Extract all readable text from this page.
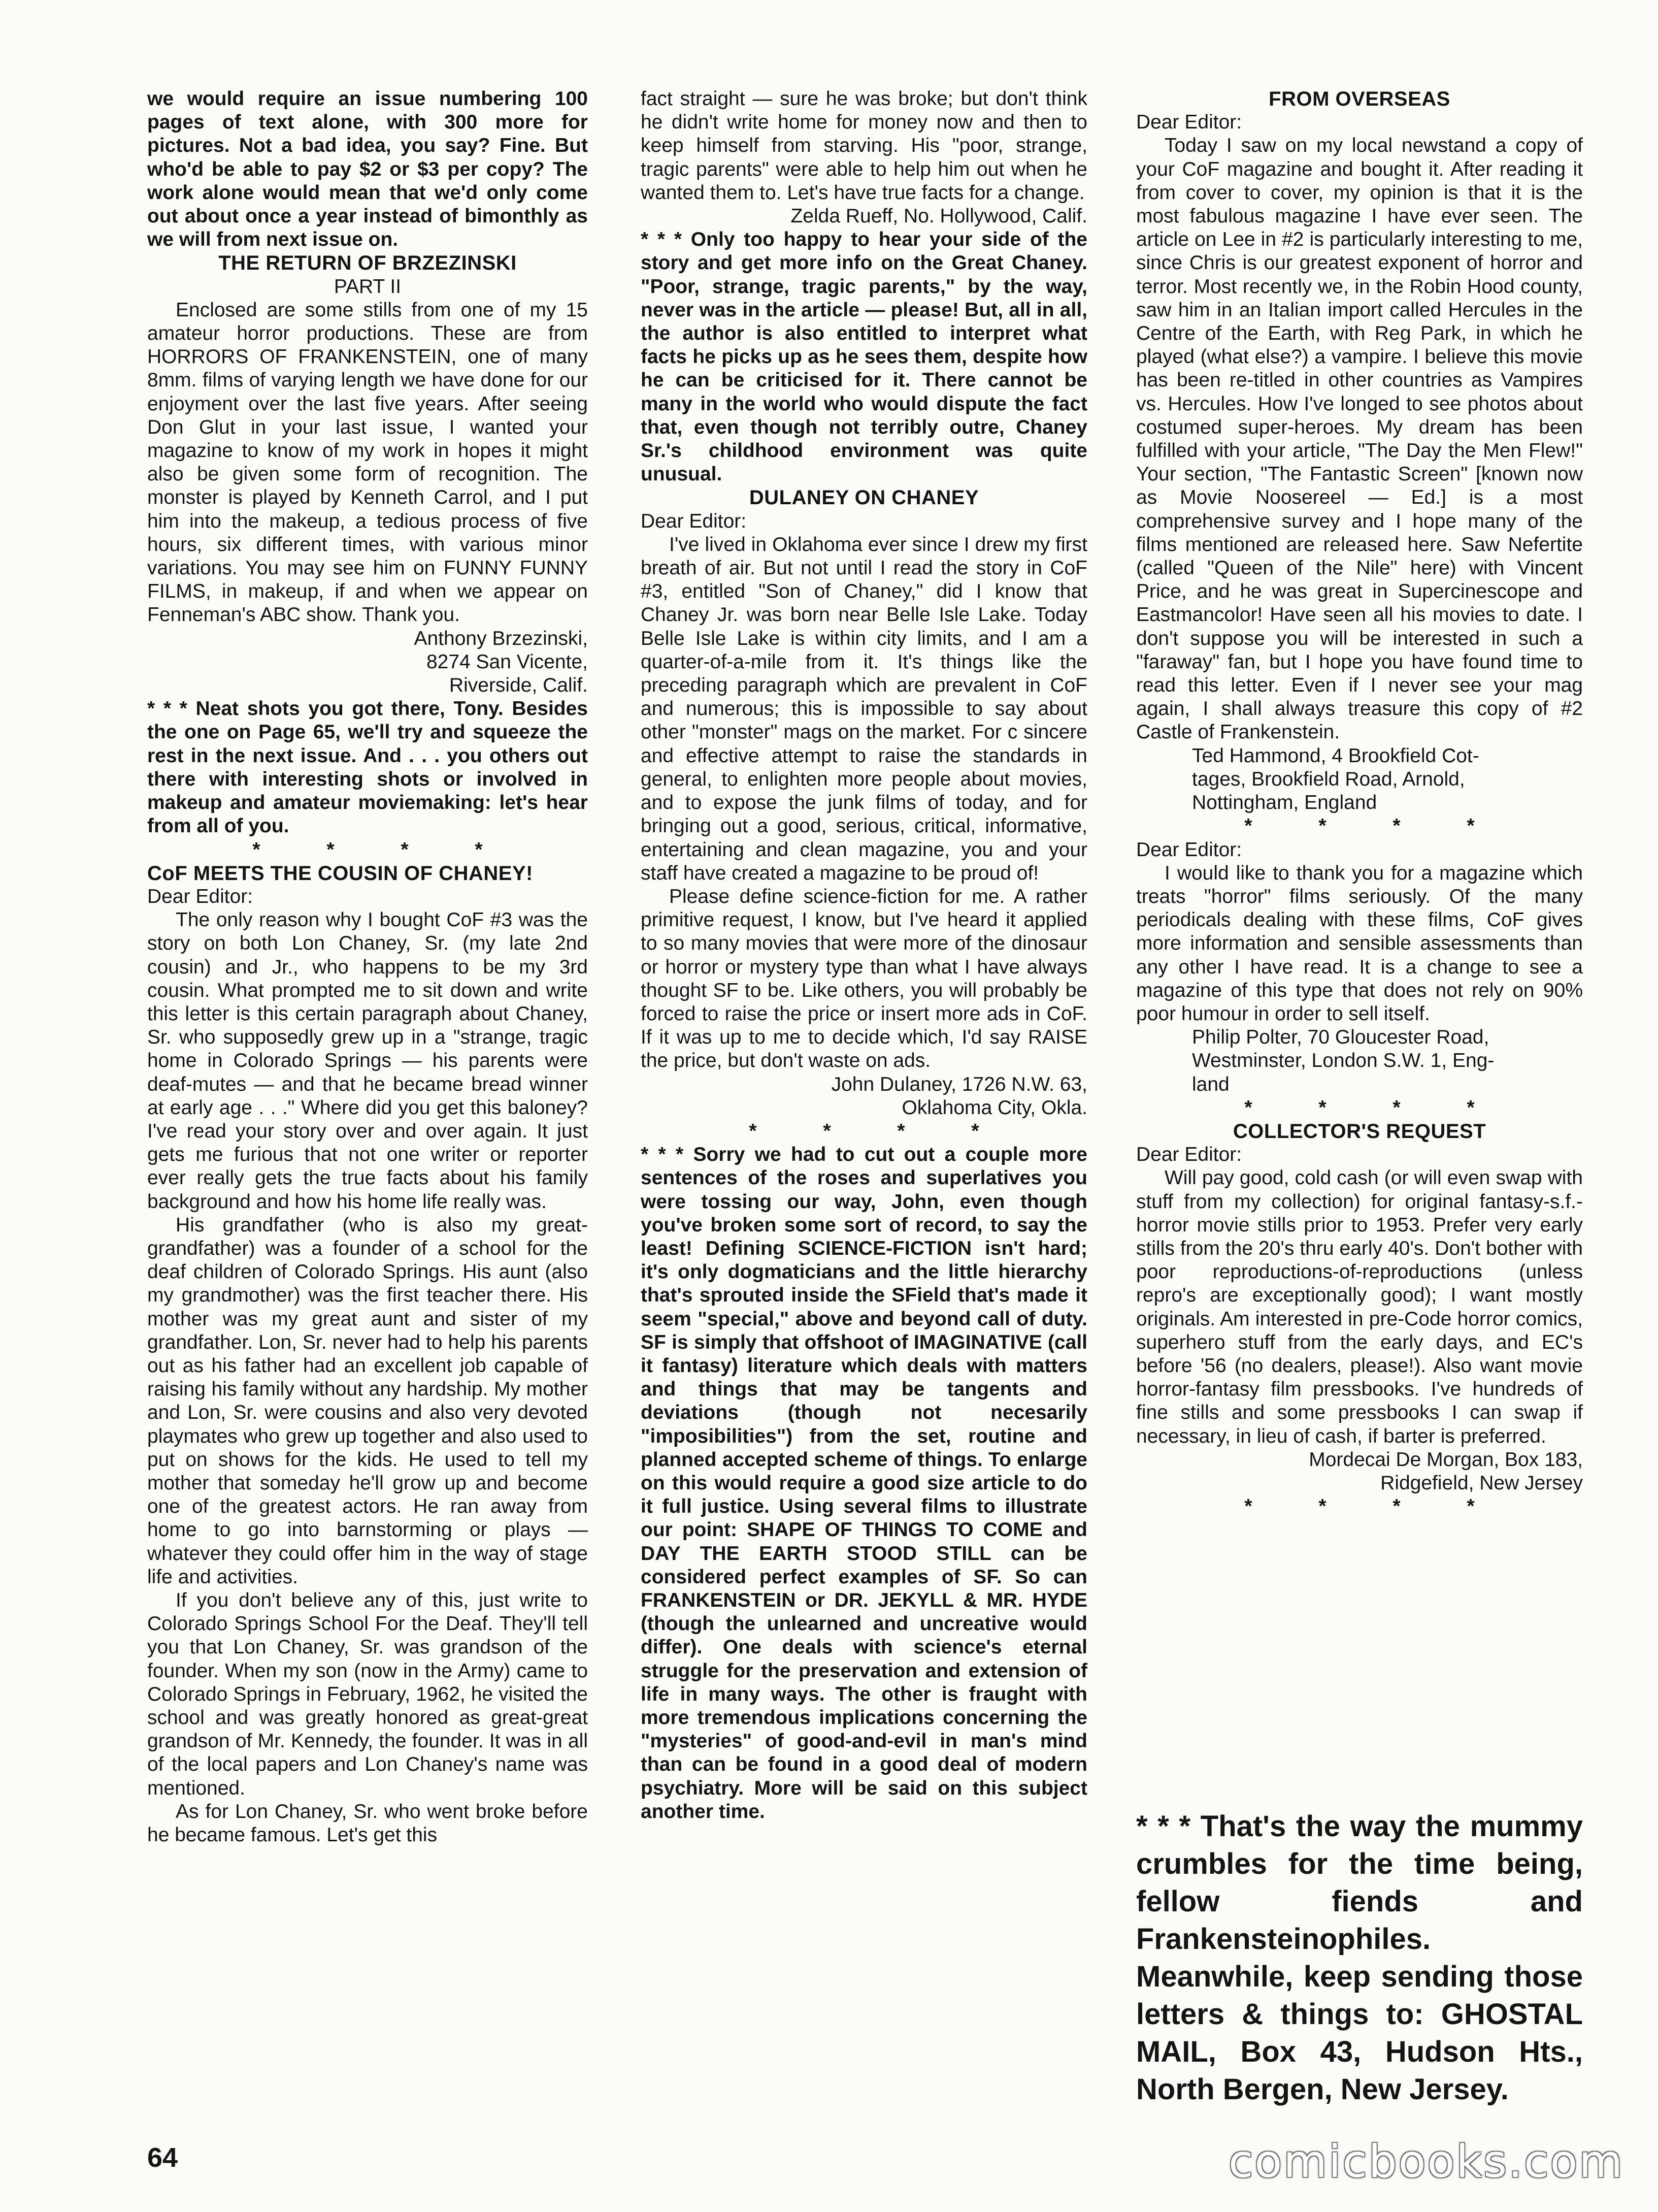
we would require an issue numbering 100 pages of text alone, with 300 more for pictures. Not a bad idea, you say? Fine. But who'd be able to pay $2 or $3 per copy? The work alone would mean that we'd only come out about once a year instead of bimonthly as we will from next issue on.

THE RETURN OF BRZEZINSKI

PART II

Enclosed are some stills from one of my 15 amateur horror productions. These are from HORRORS OF FRANKENSTEIN, one of many 8mm. films of varying length we have done for our enjoyment over the last five years. After seeing Don Glut in your last issue, I wanted your magazine to know of my work in hopes it might also be given some form of recognition. The monster is played by Kenneth Carrol, and I put him into the makeup, a tedious process of five hours, six different times, with various minor variations. You may see him on FUNNY FUNNY FILMS, in makeup, if and when we appear on Fenneman's ABC show. Thank you.

Anthony Brzezinski,
8274 San Vicente,
Riverside, Calif.

* * * Neat shots you got there, Tony. Besides the one on Page 65, we'll try and squeeze the rest in the next issue. And . . . you others out there with interesting shots or involved in makeup and amateur moviemaking: let's hear from all of you.

* * * *

CoF MEETS THE COUSIN OF CHANEY!

Dear Editor:

The only reason why I bought CoF #3 was the story on both Lon Chaney, Sr. (my late 2nd cousin) and Jr., who happens to be my 3rd cousin. What prompted me to sit down and write this letter is this certain paragraph about Chaney, Sr. who supposedly grew up in a "strange, tragic home in Colorado Springs — his parents were deaf-mutes — and that he became bread winner at early age . . ." Where did you get this baloney? I've read your story over and over again. It just gets me furious that not one writer or reporter ever really gets the true facts about his family background and how his home life really was.

His grandfather (who is also my great-grandfather) was a founder of a school for the deaf children of Colorado Springs. His aunt (also my grandmother) was the first teacher there. His mother was my great aunt and sister of my grandfather. Lon, Sr. never had to help his parents out as his father had an excellent job capable of raising his family without any hardship. My mother and Lon, Sr. were cousins and also very devoted playmates who grew up together and also used to put on shows for the kids. He used to tell my mother that someday he'll grow up and become one of the greatest actors. He ran away from home to go into barnstorming or plays — whatever they could offer him in the way of stage life and activities.

If you don't believe any of this, just write to Colorado Springs School For the Deaf. They'll tell you that Lon Chaney, Sr. was grandson of the founder. When my son (now in the Army) came to Colorado Springs in February, 1962, he visited the school and was greatly honored as great-great grandson of Mr. Kennedy, the founder. It was in all of the local papers and Lon Chaney's name was mentioned.

As for Lon Chaney, Sr. who went broke before he became famous. Let's get this

fact straight — sure he was broke; but don't think he didn't write home for money now and then to keep himself from starving. His "poor, strange, tragic parents" were able to help him out when he wanted them to. Let's have true facts for a change.

Zelda Rueff, No. Hollywood, Calif.

* * * Only too happy to hear your side of the story and get more info on the Great Chaney. "Poor, strange, tragic parents," by the way, never was in the article — please! But, all in all, the author is also entitled to interpret what facts he picks up as he sees them, despite how he can be criticised for it. There cannot be many in the world who would dispute the fact that, even though not terribly outre, Chaney Sr.'s childhood environment was quite unusual.

DULANEY ON CHANEY

Dear Editor:

I've lived in Oklahoma ever since I drew my first breath of air. But not until I read the story in CoF #3, entitled "Son of Chaney," did I know that Chaney Jr. was born near Belle Isle Lake. Today Belle Isle Lake is within city limits, and I am a quarter-of-a-mile from it. It's things like the preceding paragraph which are prevalent in CoF and numerous; this is impossible to say about other "monster" mags on the market. For c sincere and effective attempt to raise the standards in general, to enlighten more people about movies, and to expose the junk films of today, and for bringing out a good, serious, critical, informative, entertaining and clean magazine, you and your staff have created a magazine to be proud of!

Please define science-fiction for me. A rather primitive request, I know, but I've heard it applied to so many movies that were more of the dinosaur or horror or mystery type than what I have always thought SF to be. Like others, you will probably be forced to raise the price or insert more ads in CoF. If it was up to me to decide which, I'd say RAISE the price, but don't waste on ads.

John Dulaney, 1726 N.W. 63,
Oklahoma City, Okla.

* * * *

* * * Sorry we had to cut out a couple more sentences of the roses and superlatives you were tossing our way, John, even though you've broken some sort of record, to say the least! Defining SCIENCE-FICTION isn't hard; it's only dogmaticians and the little hierarchy that's sprouted inside the SField that's made it seem "special," above and beyond call of duty. SF is simply that offshoot of IMAGINATIVE (call it fantasy) literature which deals with matters and things that may be tangents and deviations (though not necesarily "imposibilities") from the set, routine and planned accepted scheme of things. To enlarge on this would require a good size article to do it full justice. Using several films to illustrate our point: SHAPE OF THINGS TO COME and DAY THE EARTH STOOD STILL can be considered perfect examples of SF. So can FRANKENSTEIN or DR. JEKYLL & MR. HYDE (though the unlearned and uncreative would differ). One deals with science's eternal struggle for the preservation and extension of life in many ways. The other is fraught with more tremendous implications concerning the "mysteries" of good-and-evil in man's mind than can be found in a good deal of modern psychiatry. More will be said on this subject another time.

FROM OVERSEAS

Dear Editor:

Today I saw on my local newstand a copy of your CoF magazine and bought it. After reading it from cover to cover, my opinion is that it is the most fabulous magazine I have ever seen. The article on Lee in #2 is particularly interesting to me, since Chris is our greatest exponent of horror and terror. Most recently we, in the Robin Hood county, saw him in an Italian import called Hercules in the Centre of the Earth, with Reg Park, in which he played (what else?) a vampire. I believe this movie has been re-titled in other countries as Vampires vs. Hercules. How I've longed to see photos about costumed super-heroes. My dream has been fulfilled with your article, "The Day the Men Flew!" Your section, "The Fantastic Screen" [known now as Movie Noosereel — Ed.] is a most comprehensive survey and I hope many of the films mentioned are released here. Saw Nefertite (called "Queen of the Nile" here) with Vincent Price, and he was great in Supercinescope and Eastmancolor! Have seen all his movies to date. I don't suppose you will be interested in such a "faraway" fan, but I hope you have found time to read this letter. Even if I never see your mag again, I shall always treasure this copy of #2 Castle of Frankenstein.

Ted Hammond, 4 Brookfield Cot-
tages, Brookfield Road, Arnold,
Nottingham, England

* * * *

Dear Editor:

I would like to thank you for a magazine which treats "horror" films seriously. Of the many periodicals dealing with these films, CoF gives more information and sensible assessments than any other I have read. It is a change to see a magazine of this type that does not rely on 90% poor humour in order to sell itself.

Philip Polter, 70 Gloucester Road,
Westminster, London S.W. 1, Eng-
land

* * * *

COLLECTOR'S REQUEST

Dear Editor:

Will pay good, cold cash (or will even swap with stuff from my collection) for original fantasy-s.f.-horror movie stills prior to 1953. Prefer very early stills from the 20's thru early 40's. Don't bother with poor reproductions-of-reproductions (unless repro's are exceptionally good); I want mostly originals. Am interested in pre-Code horror comics, superhero stuff from the early days, and EC's before '56 (no dealers, please!). Also want movie horror-fantasy film pressbooks. I've hundreds of fine stills and some pressbooks I can swap if necessary, in lieu of cash, if barter is preferred.

Mordecai De Morgan, Box 183,
Ridgefield, New Jersey

* * * *

* * * That's the way the mummy crumbles for the time being, fellow fiends and Frankensteinophiles. Meanwhile, keep sending those letters & things to: GHOSTAL MAIL, Box 43, Hudson Hts., North Bergen, New Jersey.
64	comicbooks.com
